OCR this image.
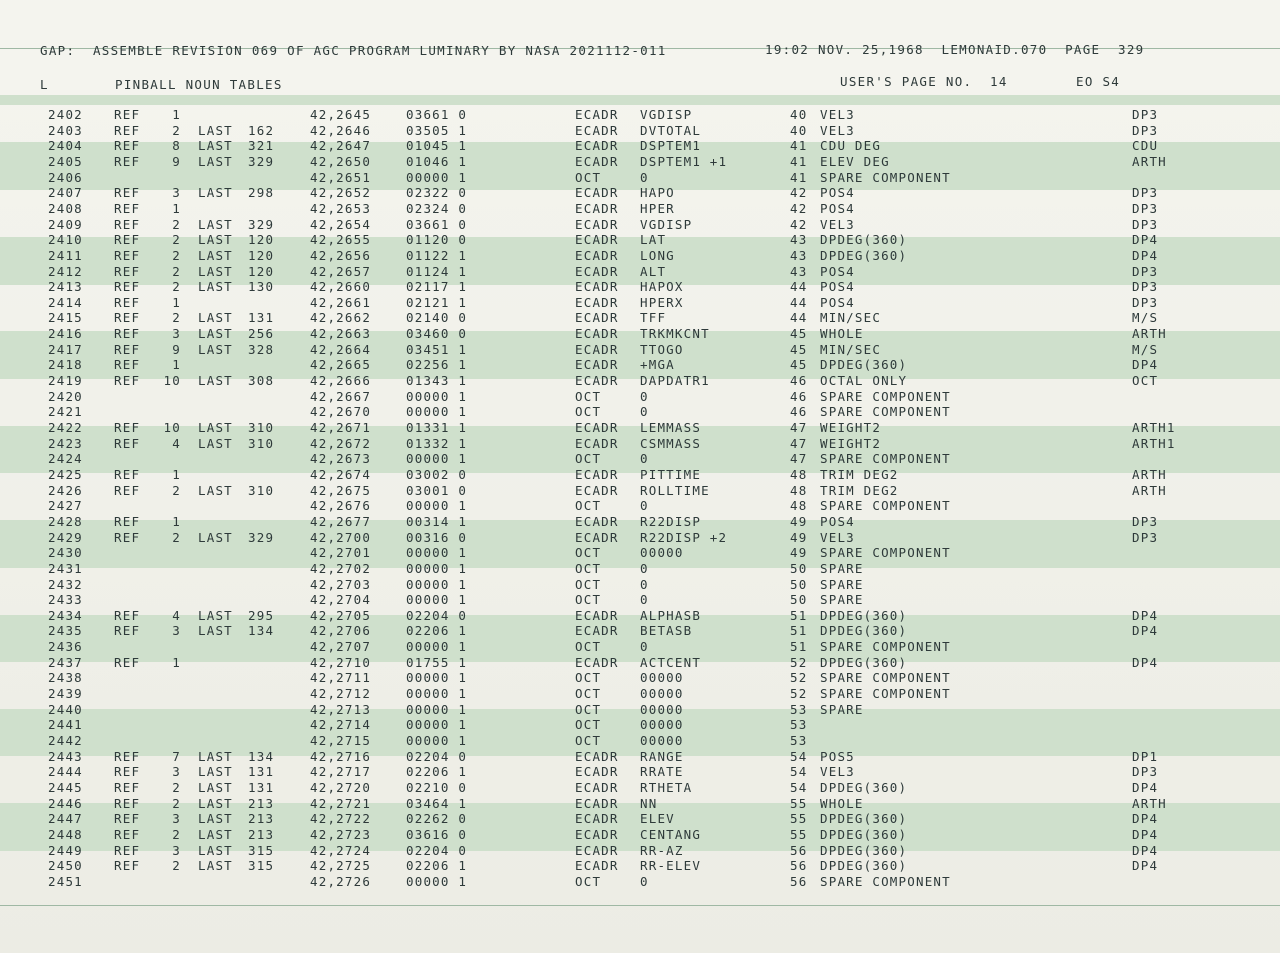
GAP:  ASSEMBLE REVISION 069 OF AGC PROGRAM LUMINARY BY NASA 2021112-011	19:02 NOV. 25,1968  LEMONAID.070  PAGE  329
L	PINBALL NOUN TABLES	USER'S PAGE NO.  14	EO S4
2402 REF	1	42,2645	03661 0	ECADR VGDISP	40 VEL3	DP3
2403 REF	2 LAST 162	42,2646	03505 1	ECADR DVTOTAL	40 VEL3	DP3
2404 REF	8 LAST 321	42,2647	01045 1	ECADR DSPTEM1	41 CDU DEG	CDU
2405 REF	9 LAST 329	42,2650	01046 1	ECADR DSPTEM1 +1	41 ELEV DEG	ARTH
2406	42,2651	00000 1	OCT	0	41 SPARE COMPONENT
2407 REF	3 LAST 298	42,2652	02322 0	ECADR HAPO	42 POS4	DP3
2408 REF	1	42,2653	02324 0	ECADR HPER	42 POS4	DP3
2409 REF	2 LAST 329	42,2654	03661 0	ECADR VGDISP	42 VEL3	DP3
2410 REF	2 LAST 120	42,2655	01120 0	ECADR LAT	43 DPDEG(360)	DP4
2411 REF	2 LAST 120	42,2656	01122 1	ECADR LONG	43 DPDEG(360)	DP4
2412 REF	2 LAST 120	42,2657	01124 1	ECADR ALT	43 POS4	DP3
2413 REF	2 LAST 130	42,2660	02117 1	ECADR HAPOX	44 POS4	DP3
2414 REF	1	42,2661	02121 1	ECADR HPERX	44 POS4	DP3
2415 REF	2 LAST 131	42,2662	02140 0	ECADR TFF	44 MIN/SEC	M/S
2416 REF	3 LAST 256	42,2663	03460 0	ECADR TRKMKCNT	45 WHOLE	ARTH
2417 REF	9 LAST 328	42,2664	03451 1	ECADR TTOGO	45 MIN/SEC	M/S
2418 REF	1	42,2665	02256 1	ECADR +MGA	45 DPDEG(360)	DP4
2419 REF 10 LAST 308	42,2666	01343 1	ECADR DAPDATR1	46 OCTAL ONLY	OCT
2420	42,2667	00000 1	OCT	0	46 SPARE COMPONENT
2421	42,2670	00000 1	OCT	0	46 SPARE COMPONENT
2422 REF 10 LAST 310	42,2671	01331 1	ECADR LEMMASS	47 WEIGHT2	ARTH1
2423 REF	4 LAST 310	42,2672	01332 1	ECADR CSMMASS	47 WEIGHT2	ARTH1
2424	42,2673	00000 1	OCT	0	47 SPARE COMPONENT
2425 REF	1	42,2674	03002 0	ECADR PITTIME	48 TRIM DEG2	ARTH
2426 REF	2 LAST 310	42,2675	03001 0	ECADR ROLLTIME	48 TRIM DEG2	ARTH
2427	42,2676	00000 1	OCT	0	48 SPARE COMPONENT
2428 REF	1	42,2677	00314 1	ECADR R22DISP	49 POS4	DP3
2429 REF	2 LAST 329	42,2700	00316 0	ECADR R22DISP +2	49 VEL3	DP3
2430	42,2701	00000 1	OCT	00000	49 SPARE COMPONENT
2431	42,2702	00000 1	OCT	0	50 SPARE
2432	42,2703	00000 1	OCT	0	50 SPARE
2433	42,2704	00000 1	OCT	0	50 SPARE
2434 REF	4 LAST 295	42,2705	02204 0	ECADR ALPHASB	51 DPDEG(360)	DP4
2435 REF	3 LAST 134	42,2706	02206 1	ECADR BETASB	51 DPDEG(360)	DP4
2436	42,2707	00000 1	OCT	0	51 SPARE COMPONENT
2437 REF	1	42,2710	01755 1	ECADR ACTCENT	52 DPDEG(360)	DP4
2438	42,2711	00000 1	OCT	00000	52 SPARE COMPONENT
2439	42,2712	00000 1	OCT	00000	52 SPARE COMPONENT
2440	42,2713	00000 1	OCT	00000	53 SPARE
2441	42,2714	00000 1	OCT	00000	53
2442	42,2715	00000 1	OCT	00000	53
2443 REF	7 LAST 134	42,2716	02204 0	ECADR RANGE	54 POS5	DP1
2444 REF	3 LAST 131	42,2717	02206 1	ECADR RRATE	54 VEL3	DP3
2445 REF	2 LAST 131	42,2720	02210 0	ECADR RTHETA	54 DPDEG(360)	DP4
2446 REF	2 LAST 213	42,2721	03464 1	ECADR NN	55 WHOLE	ARTH
2447 REF	3 LAST 213	42,2722	02262 0	ECADR ELEV	55 DPDEG(360)	DP4
2448 REF	2 LAST 213	42,2723	03616 0	ECADR CENTANG	55 DPDEG(360)	DP4
2449 REF	3 LAST 315	42,2724	02204 0	ECADR RR-AZ	56 DPDEG(360)	DP4
2450 REF	2 LAST 315	42,2725	02206 1	ECADR RR-ELEV	56 DPDEG(360)	DP4
2451	42,2726	00000 1	OCT	0	56 SPARE COMPONENT
